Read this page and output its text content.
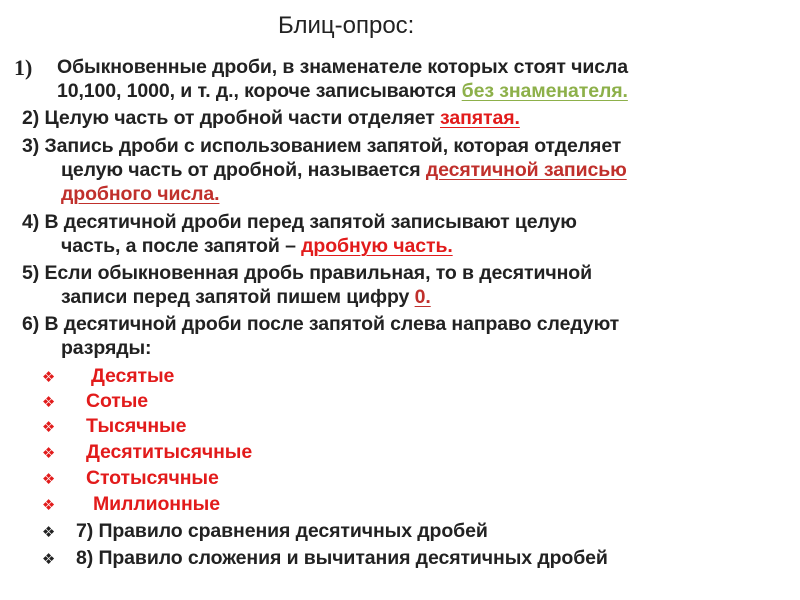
Блиц-опрос:
1) Обыкновенные дроби, в знаменателе которых стоят числа
10,100, 1000, и т. д., короче записываются без знаменателя.
2) Целую часть от дробной части отделяет запятая.
3) Запись дроби с использованием запятой, которая отделяет
целую часть от дробной, называется десятичной записью
дробного числа.
4) В десятичной дроби перед запятой записывают целую
часть, а после запятой – дробную часть.
5) Если обыкновенная дробь правильная, то в десятичной
записи перед запятой пишем цифру 0.
6) В десятичной дроби после запятой слева направо следуют
разряды:
❖ Десятые
❖ Сотые
❖ Тысячные
❖ Десятитысячные
❖ Стотысячные
❖ Миллионные
❖ 7) Правило сравнения десятичных дробей
❖ 8) Правило сложения и вычитания десятичных дробей
